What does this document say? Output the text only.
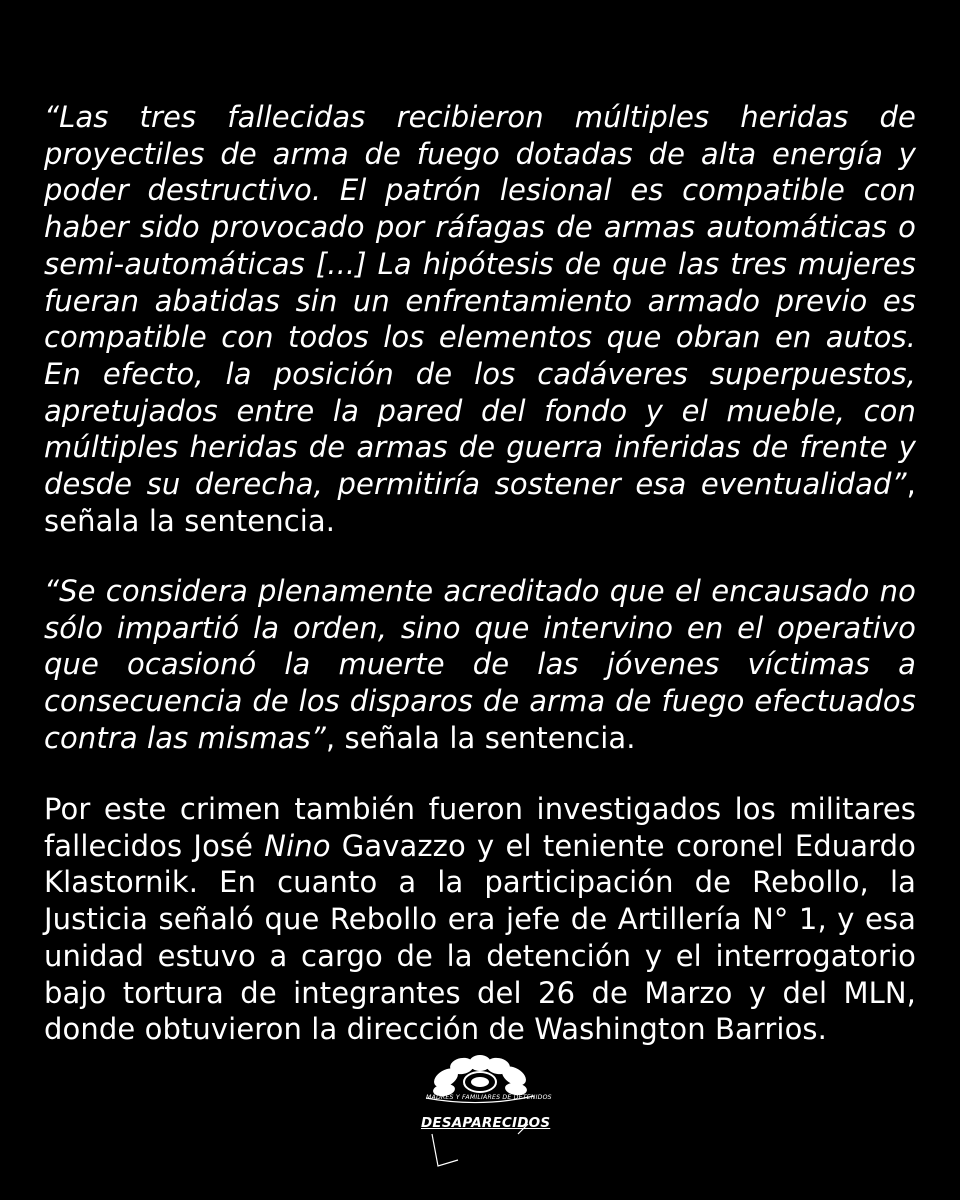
“Las tres fallecidas recibieron múltiples heridas de proyectiles de arma de fuego dotadas de alta energía y poder destructivo. El patrón lesional es compatible con haber sido provocado por ráfagas de armas automáticas o semi-automáticas [...] La hipótesis de que las tres mujeres fueran abatidas sin un enfrentamiento armado previo es compatible con todos los elementos que obran en autos. En efecto, la posición de los cadáveres superpuestos, apretujados entre la pared del fondo y el mueble, con múltiples heridas de armas de guerra inferidas de frente y desde su derecha, permitiría sostener esa eventualidad”, señala la sentencia.

“Se considera plenamente acreditado que el encausado no sólo impartió la orden, sino que intervino en el operativo que ocasionó la muerte de las jóvenes víctimas a consecuencia de los disparos de arma de fuego efectuados contra las mismas”, señala la sentencia.

Por este crimen también fueron investigados los militares fallecidos José Nino Gavazzo y el teniente coronel Eduardo Klastornik. En cuanto a la participación de Rebollo, la Justicia señaló que Rebollo era jefe de Artillería N° 1, y esa unidad estuvo a cargo de la detención y el interrogatorio bajo tortura de integrantes del 26 de Marzo y del MLN, donde obtuvieron la dirección de Washington Barrios.

MADRES Y FAMILIARES DE DETENIDOS
DESAPARECIDOS
